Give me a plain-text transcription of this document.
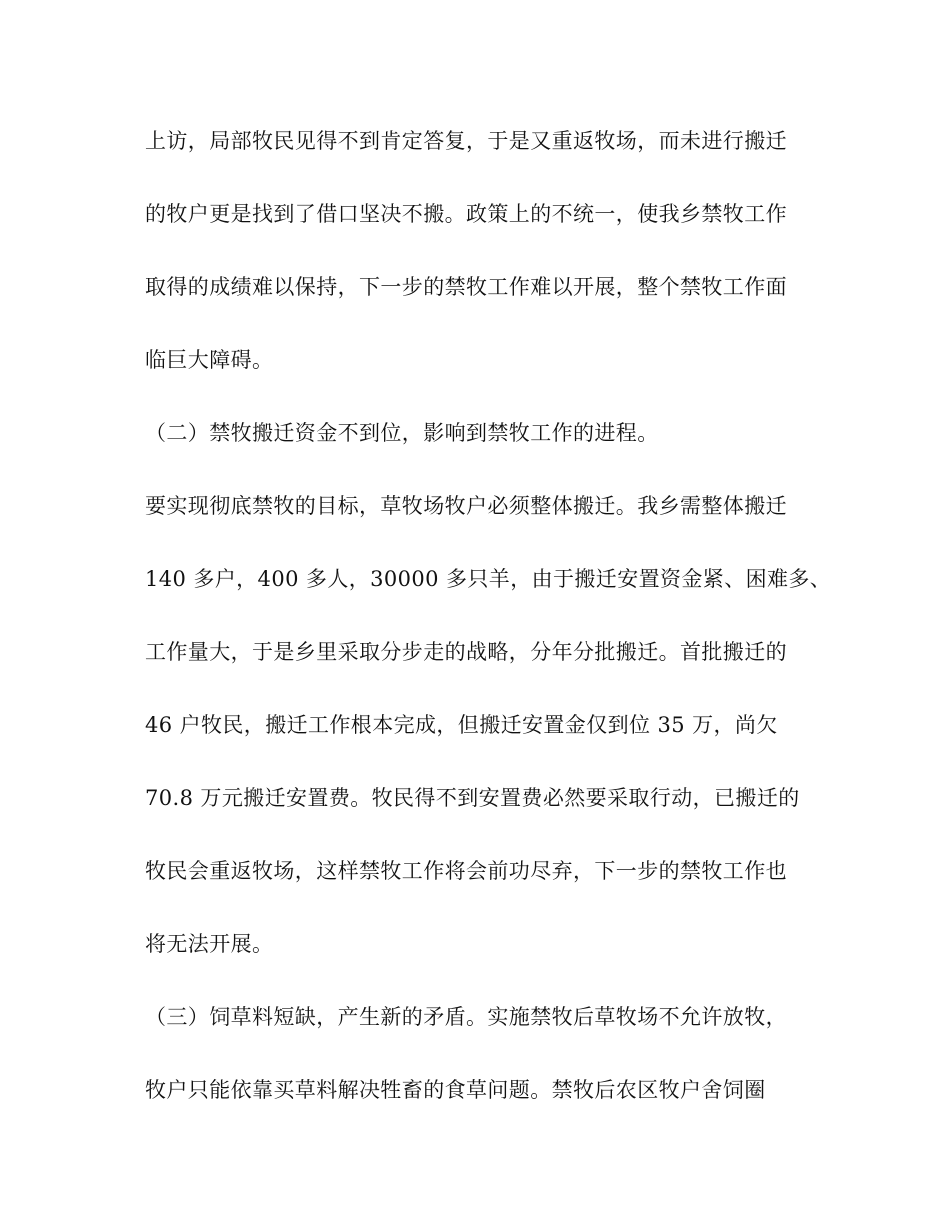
上访，局部牧民见得不到肯定答复，于是又重返牧场，而未进行搬迁
的牧户更是找到了借口坚决不搬。政策上的不统一，使我乡禁牧工作
取得的成绩难以保持，下一步的禁牧工作难以开展，整个禁牧工作面
临巨大障碍。
（二）禁牧搬迁资金不到位，影响到禁牧工作的进程。
要实现彻底禁牧的目标，草牧场牧户必须整体搬迁。我乡需整体搬迁
140 多户，400 多人，30000 多只羊，由于搬迁安置资金紧、困难多、
工作量大，于是乡里采取分步走的战略，分年分批搬迁。首批搬迁的
46 户牧民，搬迁工作根本完成，但搬迁安置金仅到位 35 万，尚欠
70.8 万元搬迁安置费。牧民得不到安置费必然要采取行动，已搬迁的
牧民会重返牧场，这样禁牧工作将会前功尽弃，下一步的禁牧工作也
将无法开展。
（三）饲草料短缺，产生新的矛盾。实施禁牧后草牧场不允许放牧，
牧户只能依靠买草料解决牲畜的食草问题。禁牧后农区牧户舍饲圈
